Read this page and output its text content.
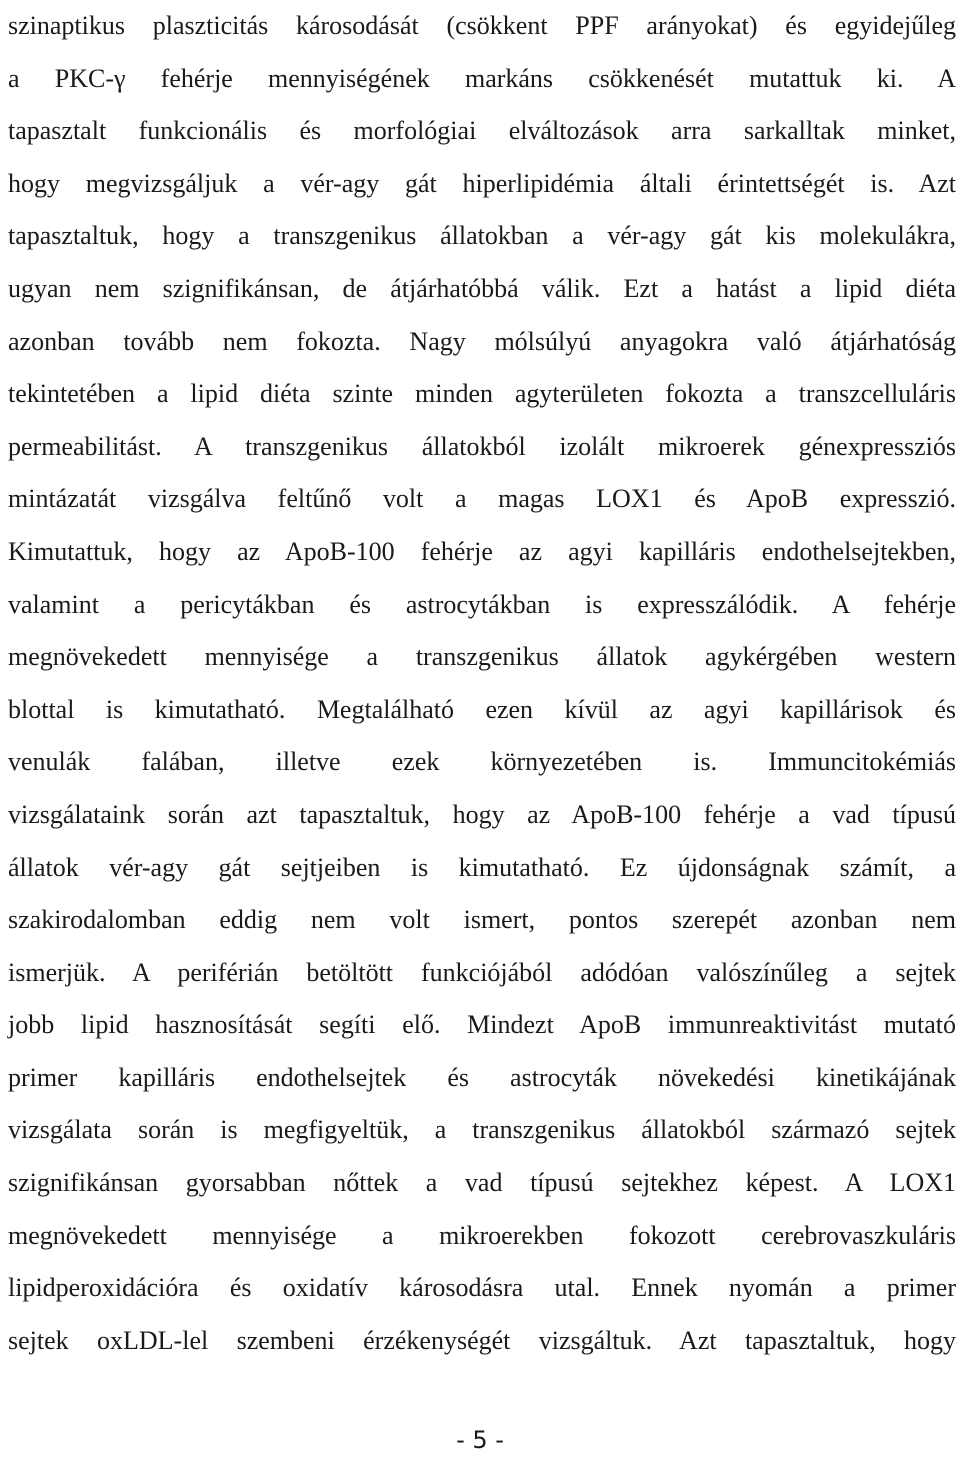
szinaptikus plaszticitás károsodását (csökkent PPF arányokat) és egyidejűleg
a PKC-γ fehérje mennyiségének markáns csökkenését mutattuk ki. A
tapasztalt funkcionális és morfológiai elváltozások arra sarkalltak minket,
hogy megvizsgáljuk a vér-agy gát hiperlipidémia általi érintettségét is. Azt
tapasztaltuk, hogy a transzgenikus állatokban a vér-agy gát kis molekulákra,
ugyan nem szignifikánsan, de átjárhatóbbá válik. Ezt a hatást a lipid diéta
azonban tovább nem fokozta. Nagy mólsúlyú anyagokra való átjárhatóság
tekintetében a lipid diéta szinte minden agyterületen fokozta a transzcelluláris
permeabilitást. A transzgenikus állatokból izolált mikroerek génexpressziós
mintázatát vizsgálva feltűnő volt a magas LOX1 és ApoB expresszió.
Kimutattuk, hogy az ApoB-100 fehérje az agyi kapilláris endothelsejtekben,
valamint a pericytákban és astrocytákban is expresszálódik. A fehérje
megnövekedett mennyisége a transzgenikus állatok agykérgében western
blottal is kimutatható. Megtalálható ezen kívül az agyi kapillárisok és
venulák falában, illetve ezek környezetében is. Immuncitokémiás
vizsgálataink során azt tapasztaltuk, hogy az ApoB-100 fehérje a vad típusú
állatok vér-agy gát sejtjeiben is kimutatható. Ez újdonságnak számít, a
szakirodalomban eddig nem volt ismert, pontos szerepét azonban nem
ismerjük. A periférián betöltött funkciójából adódóan valószínűleg a sejtek
jobb lipid hasznosítását segíti elő. Mindezt ApoB immunreaktivitást mutató
primer kapilláris endothelsejtek és astrocyták növekedési kinetikájának
vizsgálata során is megfigyeltük, a transzgenikus állatokból származó sejtek
szignifikánsan gyorsabban nőttek a vad típusú sejtekhez képest. A LOX1
megnövekedett mennyisége a mikroerekben fokozott cerebrovaszkuláris
lipidperoxidációra és oxidatív károsodásra utal. Ennek nyomán a primer
sejtek oxLDL-lel szembeni érzékenységét vizsgáltuk. Azt tapasztaltuk, hogy
- 5 -
